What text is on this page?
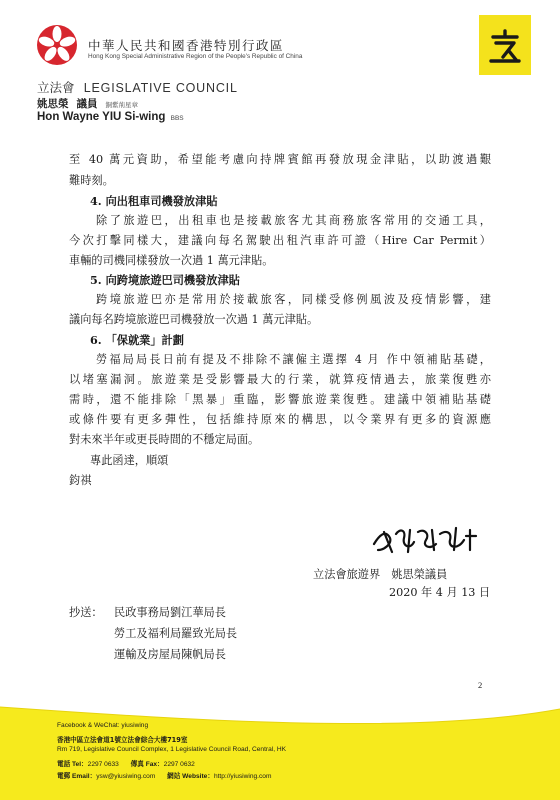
中華人民共和國香港特別行政區
Hong Kong Special Administrative Region of the People's Republic of China
立法會 LEGISLATIVE COUNCIL
姚思榮 議員 銅紫荊星章
Hon Wayne YIU Si-wing BBS
至 40 萬元資助，希望能考慮向持牌賓館再發放現金津貼，以助渡過艱
難時刻。
4. 向出租車司機發放津貼
除了旅遊巴，出租車也是接載旅客尤其商務旅客常用的交通工具，
今次打擊同樣大，建議向每名駕駛出租汽車許可證（Hire Car Permit）
車輛的司機同樣發放一次過 1 萬元津貼。
5. 向跨境旅遊巴司機發放津貼
跨境旅遊巴亦是常用於接載旅客，同樣受修例風波及疫情影響，建
議向每名跨境旅遊巴司機發放一次過 1 萬元津貼。
6. 「保就業」計劃
勞福局局長日前有提及不排除不讓僱主選擇 4 月 作中領補貼基礎，
以堵塞漏洞。旅遊業是受影響最大的行業，就算疫情過去，旅業復甦亦
需時，還不能排除「黑暴」重臨，影響旅遊業復甦。建議中領補貼基礎
或條件要有更多彈性，包括維持原來的構思，以令業界有更多的資源應
對未來半年或更長時間的不穩定局面。
專此函達，順頌
鈞祺
立法會旅遊界　姚思榮議員
2020 年 4 月 13 日
抄送： 民政事務局劉江華局長
勞工及福利局羅致光局長
運輸及房屋局陳帆局長
2
Facebook & WeChat: yiusiwing
香港中區立法會道1號立法會綜合大樓719室
Rm 719, Legislative Council Complex, 1 Legislative Council Road, Central, HK
電話 Tel：2297 0633 傳真 Fax：2297 0632
電郵 Email：ysw@yiusiwing.com 網站 Website：http://yiusiwing.com
